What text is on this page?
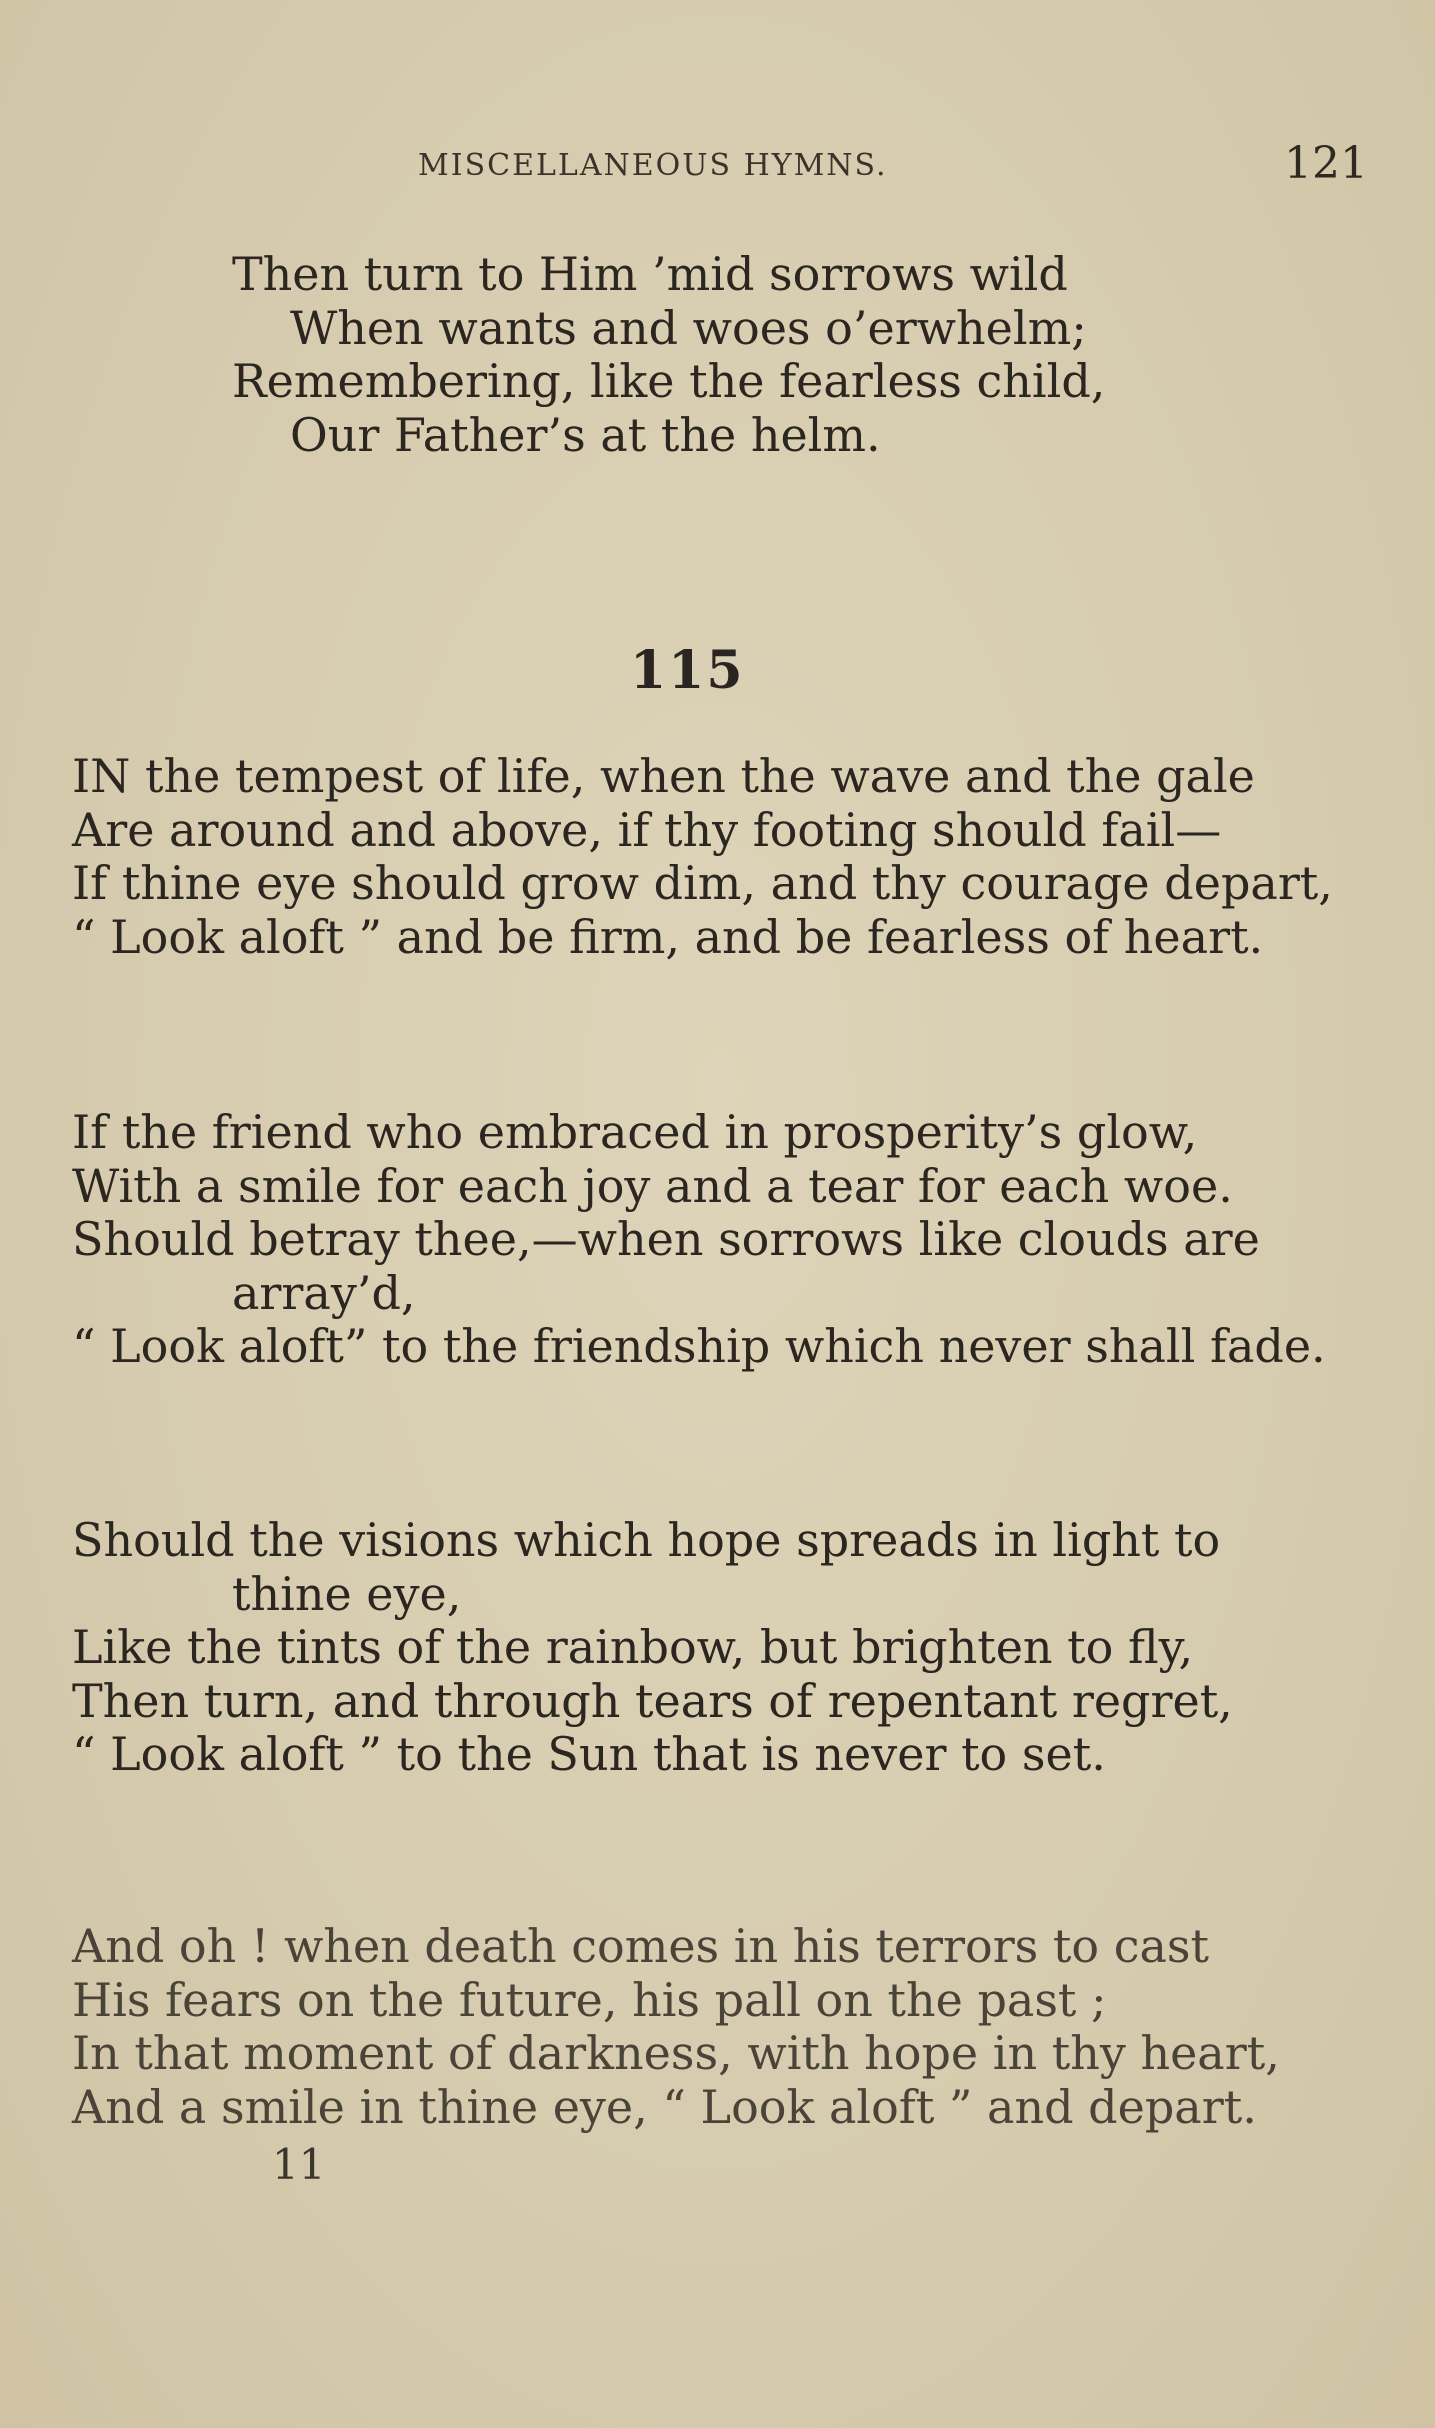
MISCELLANEOUS HYMNS.	121
Then turn to Him ’mid sorrows wild
When wants and woes o’erwhelm;
Remembering, like the fearless child,
Our Father’s at the helm.
115
IN the tempest of life, when the wave and the gale
Are around and above, if thy footing should fail—
If thine eye should grow dim, and thy courage depart,
“ Look aloft ” and be firm, and be fearless of heart.
If the friend who embraced in prosperity’s glow,
With a smile for each joy and a tear for each woe.
Should betray thee,—when sorrows like clouds are
array’d,
“ Look aloft” to the friendship which never shall fade.
Should the visions which hope spreads in light to
thine eye,
Like the tints of the rainbow, but brighten to fly,
Then turn, and through tears of repentant regret,
“ Look aloft ” to the Sun that is never to set.
And oh ! when death comes in his terrors to cast
His fears on the future, his pall on the past ;
In that moment of darkness, with hope in thy heart,
And a smile in thine eye, “ Look aloft ” and depart.
11
